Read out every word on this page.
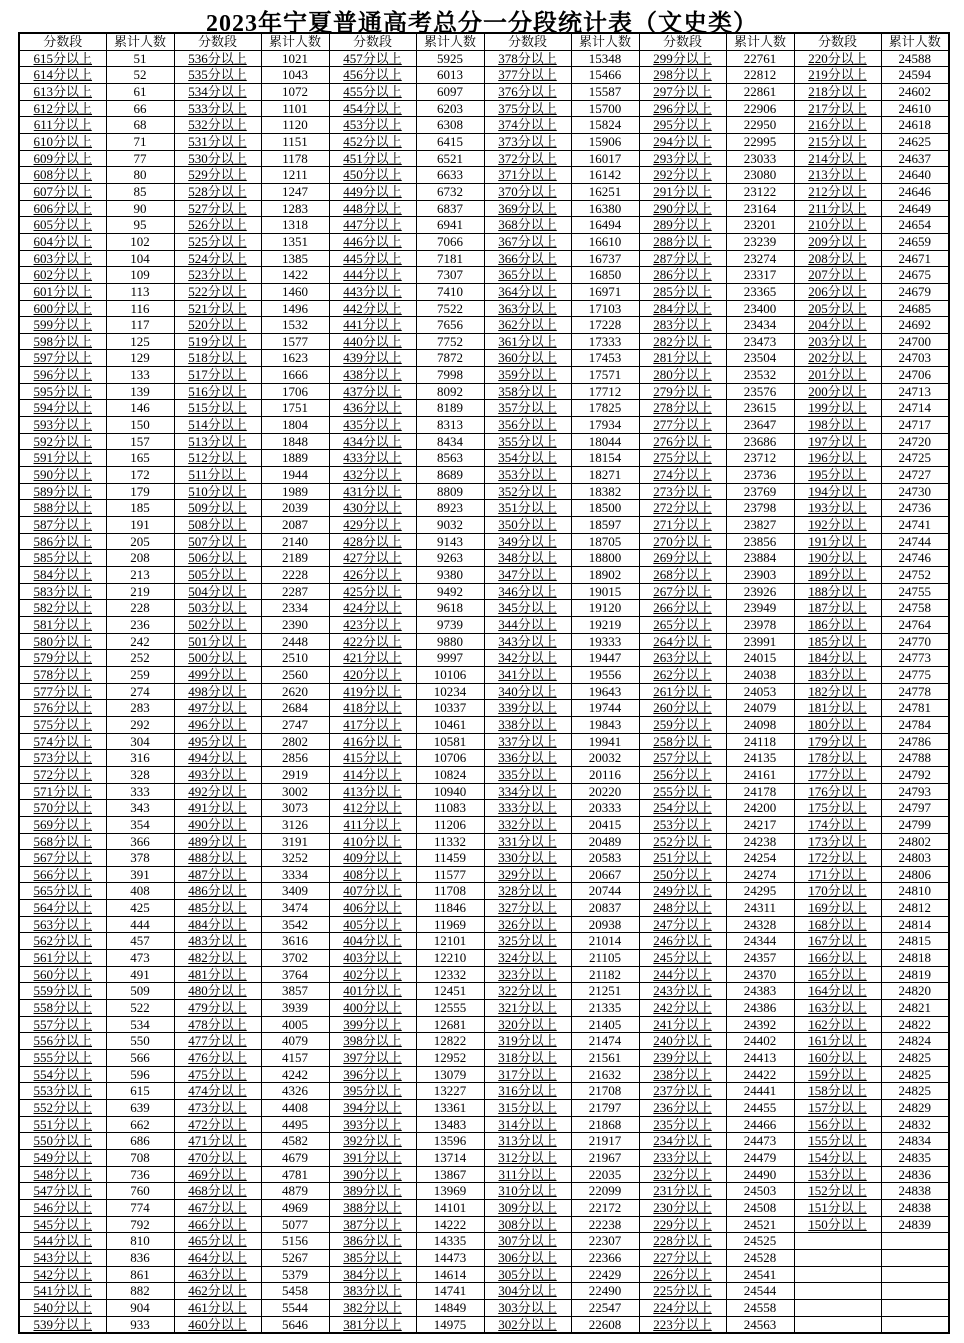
2023年宁夏普通高考总分一分段统计表（文史类）
分数段	累计人数	分数段	累计人数	分数段	累计人数	分数段	累计人数	分数段	累计人数	分数段	累计人数
615分以上	51	536分以上	1021	457分以上	5925	378分以上	15348	299分以上	22761	220分以上	24588
614分以上	52	535分以上	1043	456分以上	6013	377分以上	15466	298分以上	22812	219分以上	24594
613分以上	61	534分以上	1072	455分以上	6097	376分以上	15587	297分以上	22861	218分以上	24602
612分以上	66	533分以上	1101	454分以上	6203	375分以上	15700	296分以上	22906	217分以上	24610
611分以上	68	532分以上	1120	453分以上	6308	374分以上	15824	295分以上	22950	216分以上	24618
610分以上	71	531分以上	1151	452分以上	6415	373分以上	15906	294分以上	22995	215分以上	24625
609分以上	77	530分以上	1178	451分以上	6521	372分以上	16017	293分以上	23033	214分以上	24637
608分以上	80	529分以上	1211	450分以上	6633	371分以上	16142	292分以上	23080	213分以上	24640
607分以上	85	528分以上	1247	449分以上	6732	370分以上	16251	291分以上	23122	212分以上	24646
606分以上	90	527分以上	1283	448分以上	6837	369分以上	16380	290分以上	23164	211分以上	24649
605分以上	95	526分以上	1318	447分以上	6941	368分以上	16494	289分以上	23201	210分以上	24654
604分以上	102	525分以上	1351	446分以上	7066	367分以上	16610	288分以上	23239	209分以上	24659
603分以上	104	524分以上	1385	445分以上	7181	366分以上	16737	287分以上	23274	208分以上	24671
602分以上	109	523分以上	1422	444分以上	7307	365分以上	16850	286分以上	23317	207分以上	24675
601分以上	113	522分以上	1460	443分以上	7410	364分以上	16971	285分以上	23365	206分以上	24679
600分以上	116	521分以上	1496	442分以上	7522	363分以上	17103	284分以上	23400	205分以上	24685
599分以上	117	520分以上	1532	441分以上	7656	362分以上	17228	283分以上	23434	204分以上	24692
598分以上	125	519分以上	1577	440分以上	7752	361分以上	17333	282分以上	23473	203分以上	24700
597分以上	129	518分以上	1623	439分以上	7872	360分以上	17453	281分以上	23504	202分以上	24703
596分以上	133	517分以上	1666	438分以上	7998	359分以上	17571	280分以上	23532	201分以上	24706
595分以上	139	516分以上	1706	437分以上	8092	358分以上	17712	279分以上	23576	200分以上	24713
594分以上	146	515分以上	1751	436分以上	8189	357分以上	17825	278分以上	23615	199分以上	24714
593分以上	150	514分以上	1804	435分以上	8313	356分以上	17934	277分以上	23647	198分以上	24717
592分以上	157	513分以上	1848	434分以上	8434	355分以上	18044	276分以上	23686	197分以上	24720
591分以上	165	512分以上	1889	433分以上	8563	354分以上	18154	275分以上	23712	196分以上	24725
590分以上	172	511分以上	1944	432分以上	8689	353分以上	18271	274分以上	23736	195分以上	24727
589分以上	179	510分以上	1989	431分以上	8809	352分以上	18382	273分以上	23769	194分以上	24730
588分以上	185	509分以上	2039	430分以上	8923	351分以上	18500	272分以上	23798	193分以上	24736
587分以上	191	508分以上	2087	429分以上	9032	350分以上	18597	271分以上	23827	192分以上	24741
586分以上	205	507分以上	2140	428分以上	9143	349分以上	18705	270分以上	23856	191分以上	24744
585分以上	208	506分以上	2189	427分以上	9263	348分以上	18800	269分以上	23884	190分以上	24746
584分以上	213	505分以上	2228	426分以上	9380	347分以上	18902	268分以上	23903	189分以上	24752
583分以上	219	504分以上	2287	425分以上	9492	346分以上	19015	267分以上	23926	188分以上	24755
582分以上	228	503分以上	2334	424分以上	9618	345分以上	19120	266分以上	23949	187分以上	24758
581分以上	236	502分以上	2390	423分以上	9739	344分以上	19219	265分以上	23978	186分以上	24764
580分以上	242	501分以上	2448	422分以上	9880	343分以上	19333	264分以上	23991	185分以上	24770
579分以上	252	500分以上	2510	421分以上	9997	342分以上	19447	263分以上	24015	184分以上	24773
578分以上	259	499分以上	2560	420分以上	10106	341分以上	19556	262分以上	24038	183分以上	24775
577分以上	274	498分以上	2620	419分以上	10234	340分以上	19643	261分以上	24053	182分以上	24778
576分以上	283	497分以上	2684	418分以上	10337	339分以上	19744	260分以上	24079	181分以上	24781
575分以上	292	496分以上	2747	417分以上	10461	338分以上	19843	259分以上	24098	180分以上	24784
574分以上	304	495分以上	2802	416分以上	10581	337分以上	19941	258分以上	24118	179分以上	24786
573分以上	316	494分以上	2856	415分以上	10706	336分以上	20032	257分以上	24135	178分以上	24788
572分以上	328	493分以上	2919	414分以上	10824	335分以上	20116	256分以上	24161	177分以上	24792
571分以上	333	492分以上	3002	413分以上	10940	334分以上	20220	255分以上	24178	176分以上	24793
570分以上	343	491分以上	3073	412分以上	11083	333分以上	20333	254分以上	24200	175分以上	24797
569分以上	354	490分以上	3126	411分以上	11206	332分以上	20415	253分以上	24217	174分以上	24799
568分以上	366	489分以上	3191	410分以上	11332	331分以上	20489	252分以上	24238	173分以上	24802
567分以上	378	488分以上	3252	409分以上	11459	330分以上	20583	251分以上	24254	172分以上	24803
566分以上	391	487分以上	3334	408分以上	11577	329分以上	20667	250分以上	24274	171分以上	24806
565分以上	408	486分以上	3409	407分以上	11708	328分以上	20744	249分以上	24295	170分以上	24810
564分以上	425	485分以上	3474	406分以上	11846	327分以上	20837	248分以上	24311	169分以上	24812
563分以上	444	484分以上	3542	405分以上	11969	326分以上	20938	247分以上	24328	168分以上	24814
562分以上	457	483分以上	3616	404分以上	12101	325分以上	21014	246分以上	24344	167分以上	24815
561分以上	473	482分以上	3702	403分以上	12210	324分以上	21105	245分以上	24357	166分以上	24818
560分以上	491	481分以上	3764	402分以上	12332	323分以上	21182	244分以上	24370	165分以上	24819
559分以上	509	480分以上	3857	401分以上	12451	322分以上	21251	243分以上	24383	164分以上	24820
558分以上	522	479分以上	3939	400分以上	12555	321分以上	21335	242分以上	24386	163分以上	24821
557分以上	534	478分以上	4005	399分以上	12681	320分以上	21405	241分以上	24392	162分以上	24822
556分以上	550	477分以上	4079	398分以上	12822	319分以上	21474	240分以上	24402	161分以上	24824
555分以上	566	476分以上	4157	397分以上	12952	318分以上	21561	239分以上	24413	160分以上	24825
554分以上	596	475分以上	4242	396分以上	13079	317分以上	21632	238分以上	24422	159分以上	24825
553分以上	615	474分以上	4326	395分以上	13227	316分以上	21708	237分以上	24441	158分以上	24825
552分以上	639	473分以上	4408	394分以上	13361	315分以上	21797	236分以上	24455	157分以上	24829
551分以上	662	472分以上	4495	393分以上	13483	314分以上	21868	235分以上	24466	156分以上	24832
550分以上	686	471分以上	4582	392分以上	13596	313分以上	21917	234分以上	24473	155分以上	24834
549分以上	708	470分以上	4679	391分以上	13714	312分以上	21967	233分以上	24479	154分以上	24835
548分以上	736	469分以上	4781	390分以上	13867	311分以上	22035	232分以上	24490	153分以上	24836
547分以上	760	468分以上	4879	389分以上	13969	310分以上	22099	231分以上	24503	152分以上	24838
546分以上	774	467分以上	4969	388分以上	14101	309分以上	22172	230分以上	24508	151分以上	24838
545分以上	792	466分以上	5077	387分以上	14222	308分以上	22238	229分以上	24521	150分以上	24839
544分以上	810	465分以上	5156	386分以上	14335	307分以上	22307	228分以上	24525		
543分以上	836	464分以上	5267	385分以上	14473	306分以上	22366	227分以上	24528		
542分以上	861	463分以上	5379	384分以上	14614	305分以上	22429	226分以上	24541		
541分以上	882	462分以上	5458	383分以上	14741	304分以上	22490	225分以上	24544		
540分以上	904	461分以上	5544	382分以上	14849	303分以上	22547	224分以上	24558		
539分以上	933	460分以上	5646	381分以上	14975	302分以上	22608	223分以上	24563		
